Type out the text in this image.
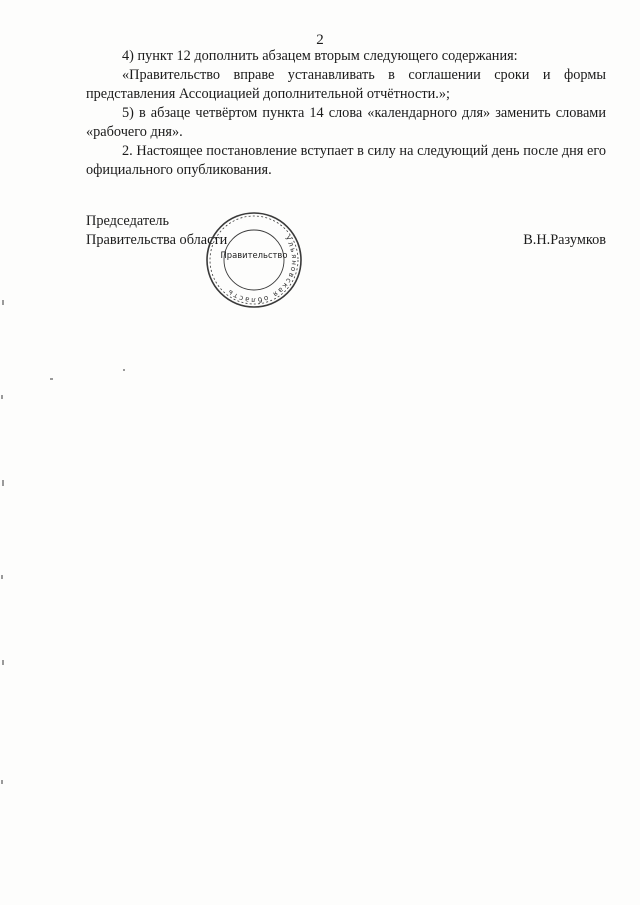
2

4) пункт 12 дополнить абзацем вторым следующего содержания:

«Правительство вправе устанавливать в соглашении сроки и формы представления Ассоциацией дополнительной отчётности.»;

5) в абзаце четвёртом пункта 14 слова «календарного для» заменить словами «рабочего дня».

2. Настоящее постановление вступает в силу на следующий день после дня его официального опубликования.

Председатель
Правительства области	В.Н.Разумков
Ульяновская область
Правительство
